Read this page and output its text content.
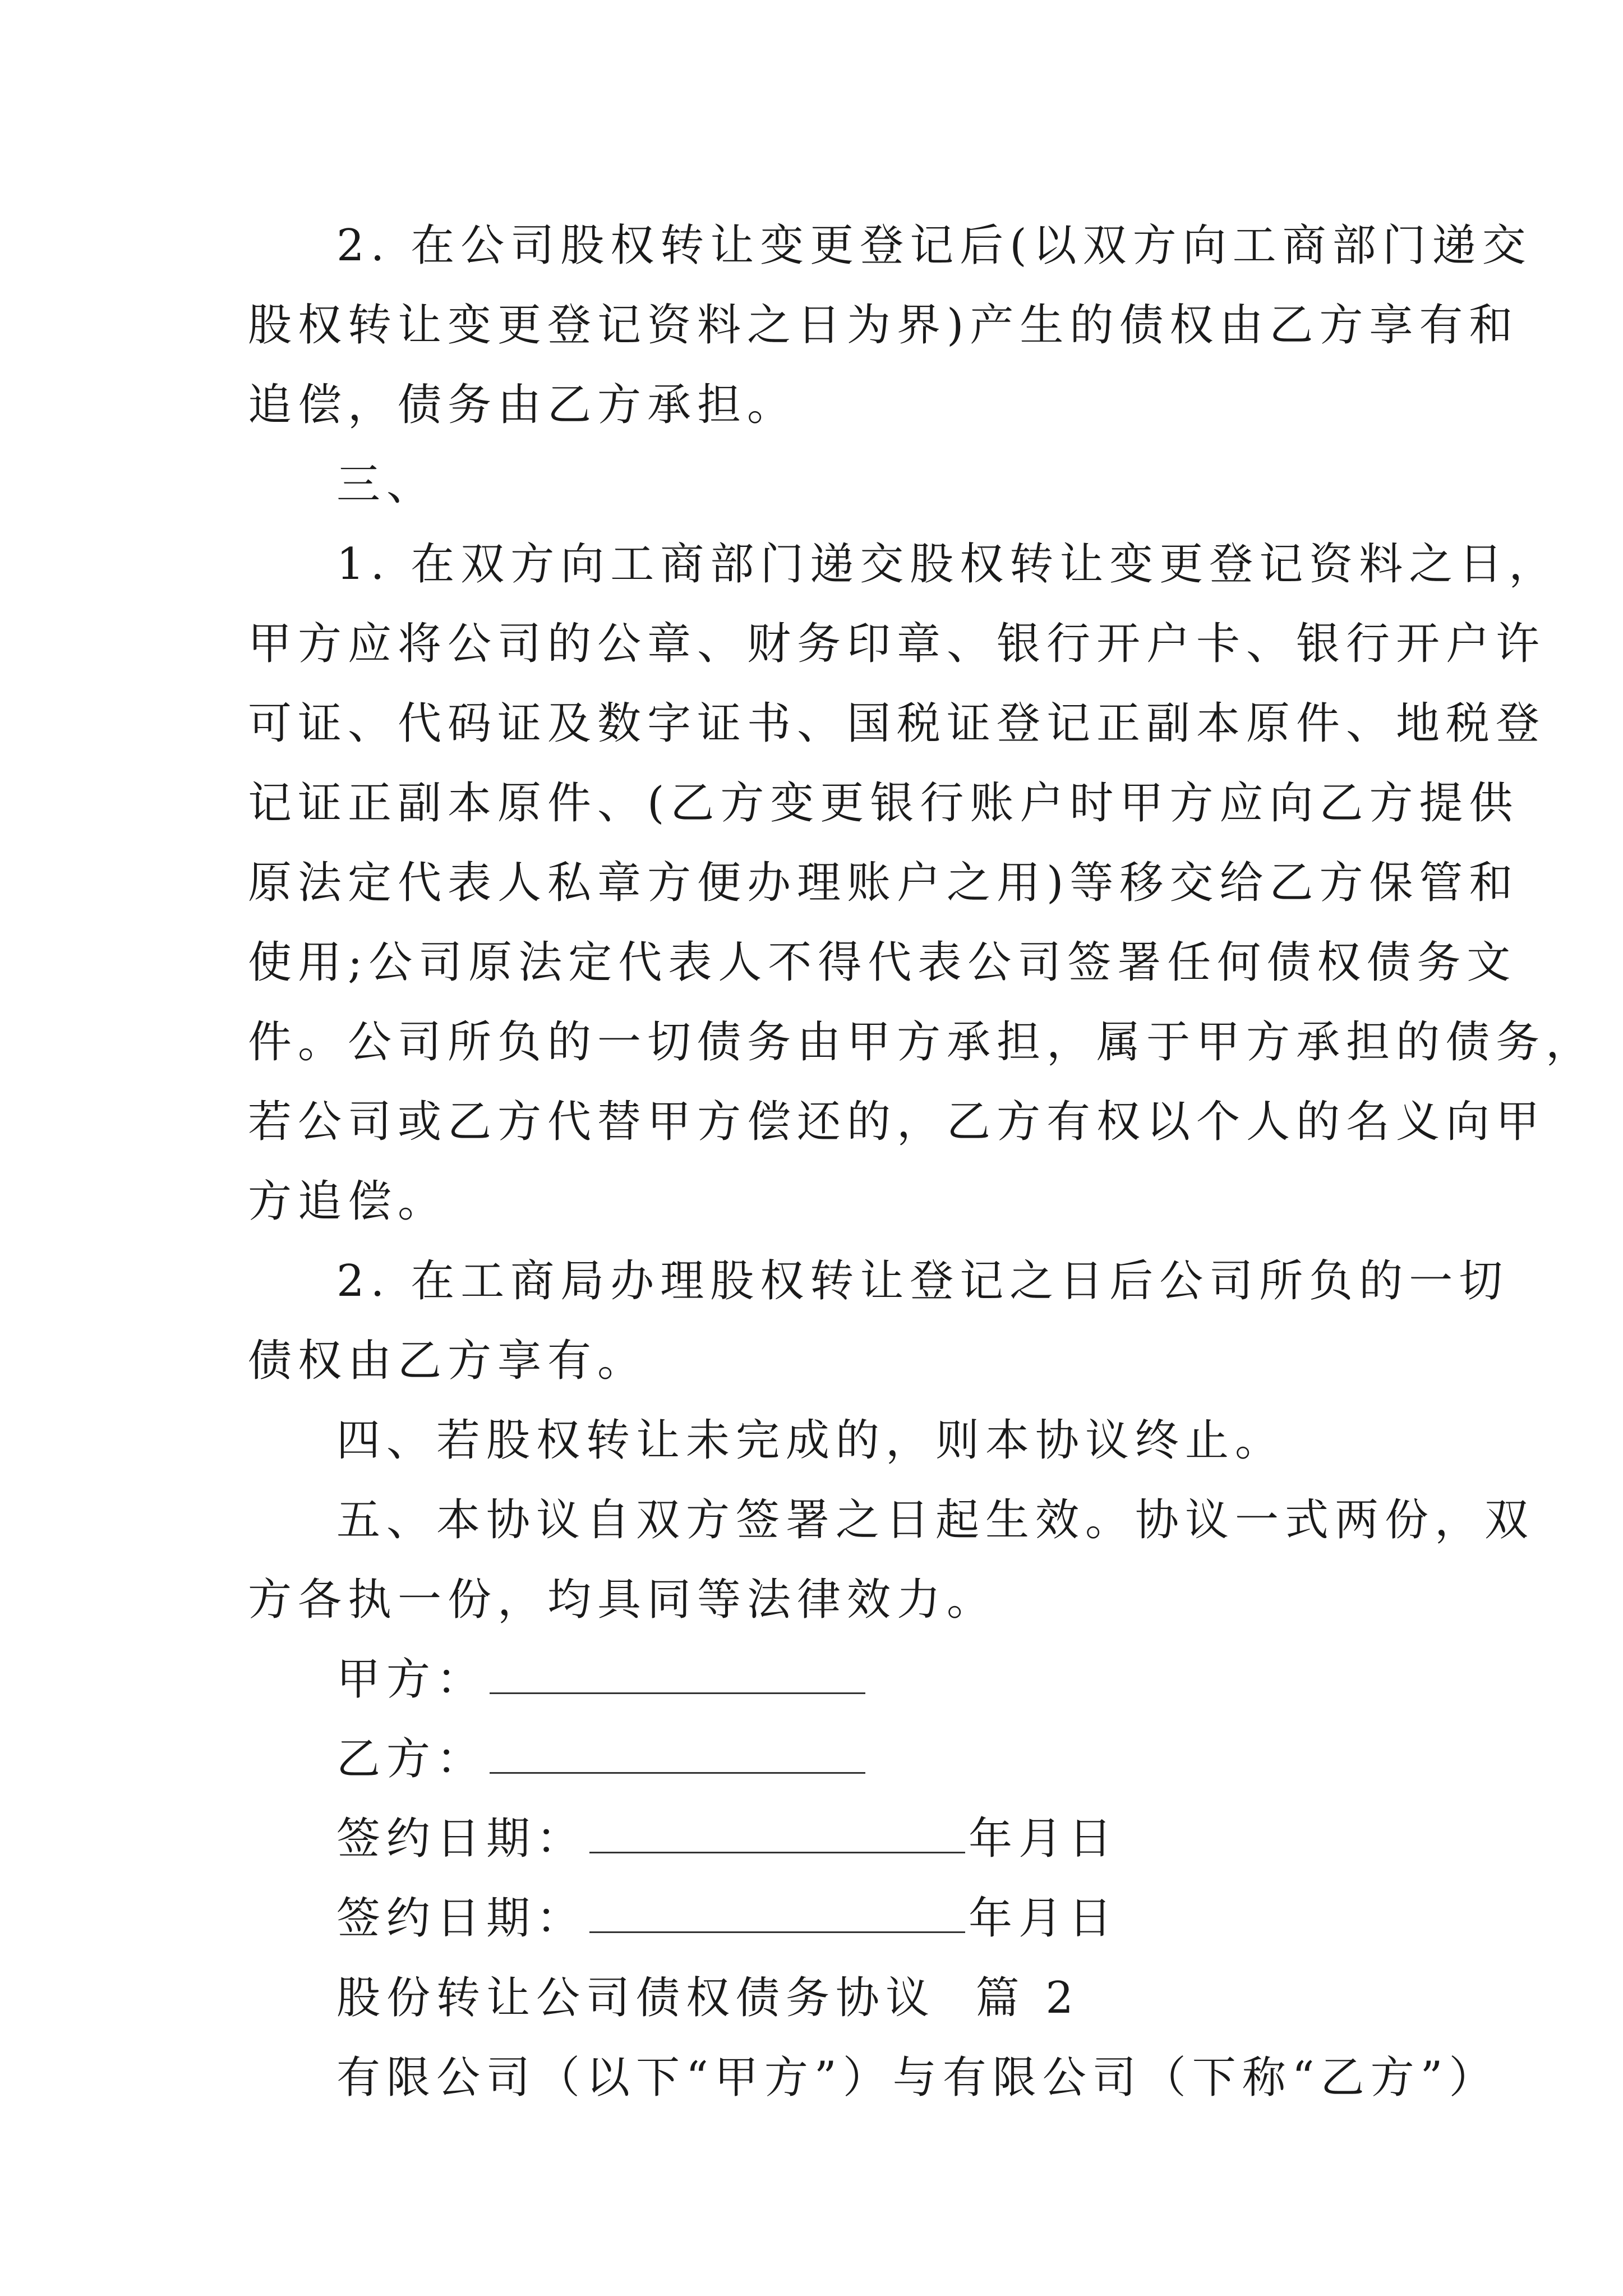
2. 在公司股权转让变更登记后(以双方向工商部门递交
股权转让变更登记资料之日为界)产生的债权由乙方享有和
追偿，债务由乙方承担。
三、
1. 在双方向工商部门递交股权转让变更登记资料之日，
甲方应将公司的公章、财务印章、银行开户卡、银行开户许
可证、代码证及数字证书、国税证登记正副本原件、地税登
记证正副本原件、(乙方变更银行账户时甲方应向乙方提供
原法定代表人私章方便办理账户之用)等移交给乙方保管和
使用;公司原法定代表人不得代表公司签署任何债权债务文
件。公司所负的一切债务由甲方承担，属于甲方承担的债务，
若公司或乙方代替甲方偿还的，乙方有权以个人的名义向甲
方追偿。
2. 在工商局办理股权转让登记之日后公司所负的一切
债权由乙方享有。
四、若股权转让未完成的，则本协议终止。
五、本协议自双方签署之日起生效。协议一式两份，双
方各执一份，均具同等法律效力。
甲方：
乙方：
签约日期：	年月日
签约日期：	年月日
股份转让公司债权债务协议  篇 2
有限公司（以下“甲方”）与有限公司（下称“乙方”）
